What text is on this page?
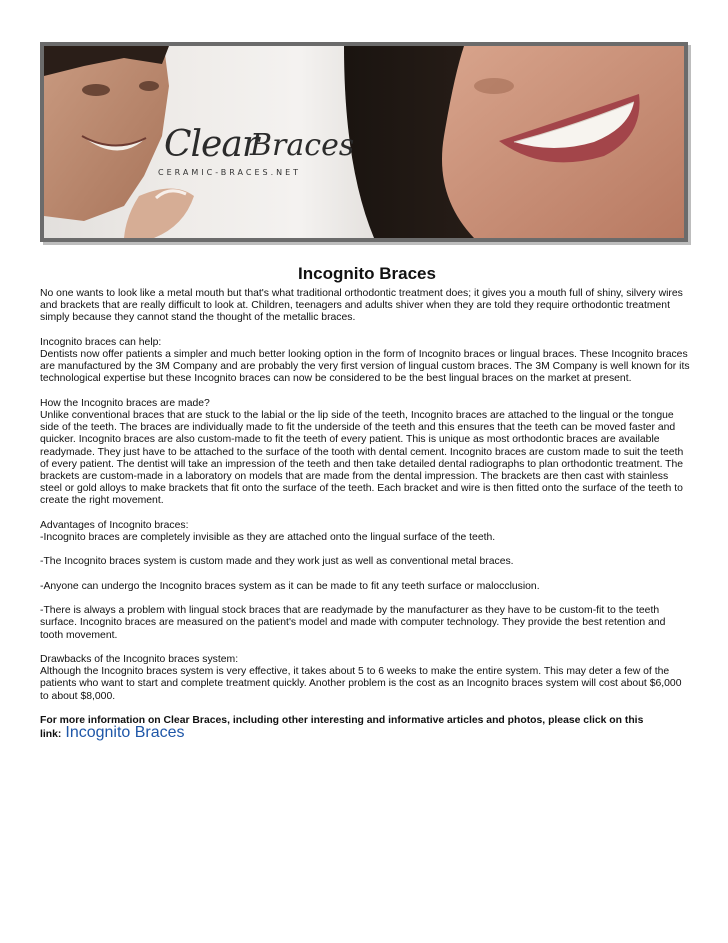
Clear
Braces
CERAMIC-BRACES.NET
Incognito Braces

No one wants to look like a metal mouth but that's what traditional orthodontic treatment does; it gives you a mouth full of shiny, silvery wires and brackets that are really difficult to look at. Children, teenagers and adults shiver when they are told they require orthodontic treatment simply because they cannot stand the thought of the metallic braces.

Incognito braces can help:
Dentists now offer patients a simpler and much better looking option in the form of Incognito braces or lingual braces. These Incognito braces are manufactured by the 3M Company and are probably the very first version of lingual custom braces. The 3M Company is well known for its technological expertise but these Incognito braces can now be considered to be the best lingual braces on the market at present.

How the Incognito braces are made?
Unlike conventional braces that are stuck to the labial or the lip side of the teeth, Incognito braces are attached to the lingual or the tongue side of the teeth. The braces are individually made to fit the underside of the teeth and this ensures that the teeth can be moved faster and quicker. Incognito braces are also custom-made to fit the teeth of every patient. This is unique as most orthodontic braces are available readymade. They just have to be attached to the surface of the tooth with dental cement. Incognito braces are custom made to suit the teeth of every patient. The dentist will take an impression of the teeth and then take detailed dental radiographs to plan orthodontic treatment. The brackets are custom-made in a laboratory on models that are made from the dental impression. The brackets are then cast with stainless steel or gold alloys to make brackets that fit onto the surface of the teeth. Each bracket and wire is then fitted onto the surface of the teeth to create the right movement.

Advantages of Incognito braces:
-Incognito braces are completely invisible as they are attached onto the lingual surface of the teeth.

-The Incognito braces system is custom made and they work just as well as conventional metal braces.

-Anyone can undergo the Incognito braces system as it can be made to fit any teeth surface or malocclusion.

-There is always a problem with lingual stock braces that are readymade by the manufacturer as they have to be custom-fit to the teeth surface. Incognito braces are measured on the patient's model and made with computer technology. They provide the best retention and tooth movement.

Drawbacks of the Incognito braces system:
Although the Incognito braces system is very effective, it takes about 5 to 6 weeks to make the entire system. This may deter a few of the patients who want to start and complete treatment quickly. Another problem is the cost as an Incognito braces system will cost about $6,000 to about $8,000.

For more information on Clear Braces, including other interesting and informative articles and photos, please click on this link: Incognito Braces
